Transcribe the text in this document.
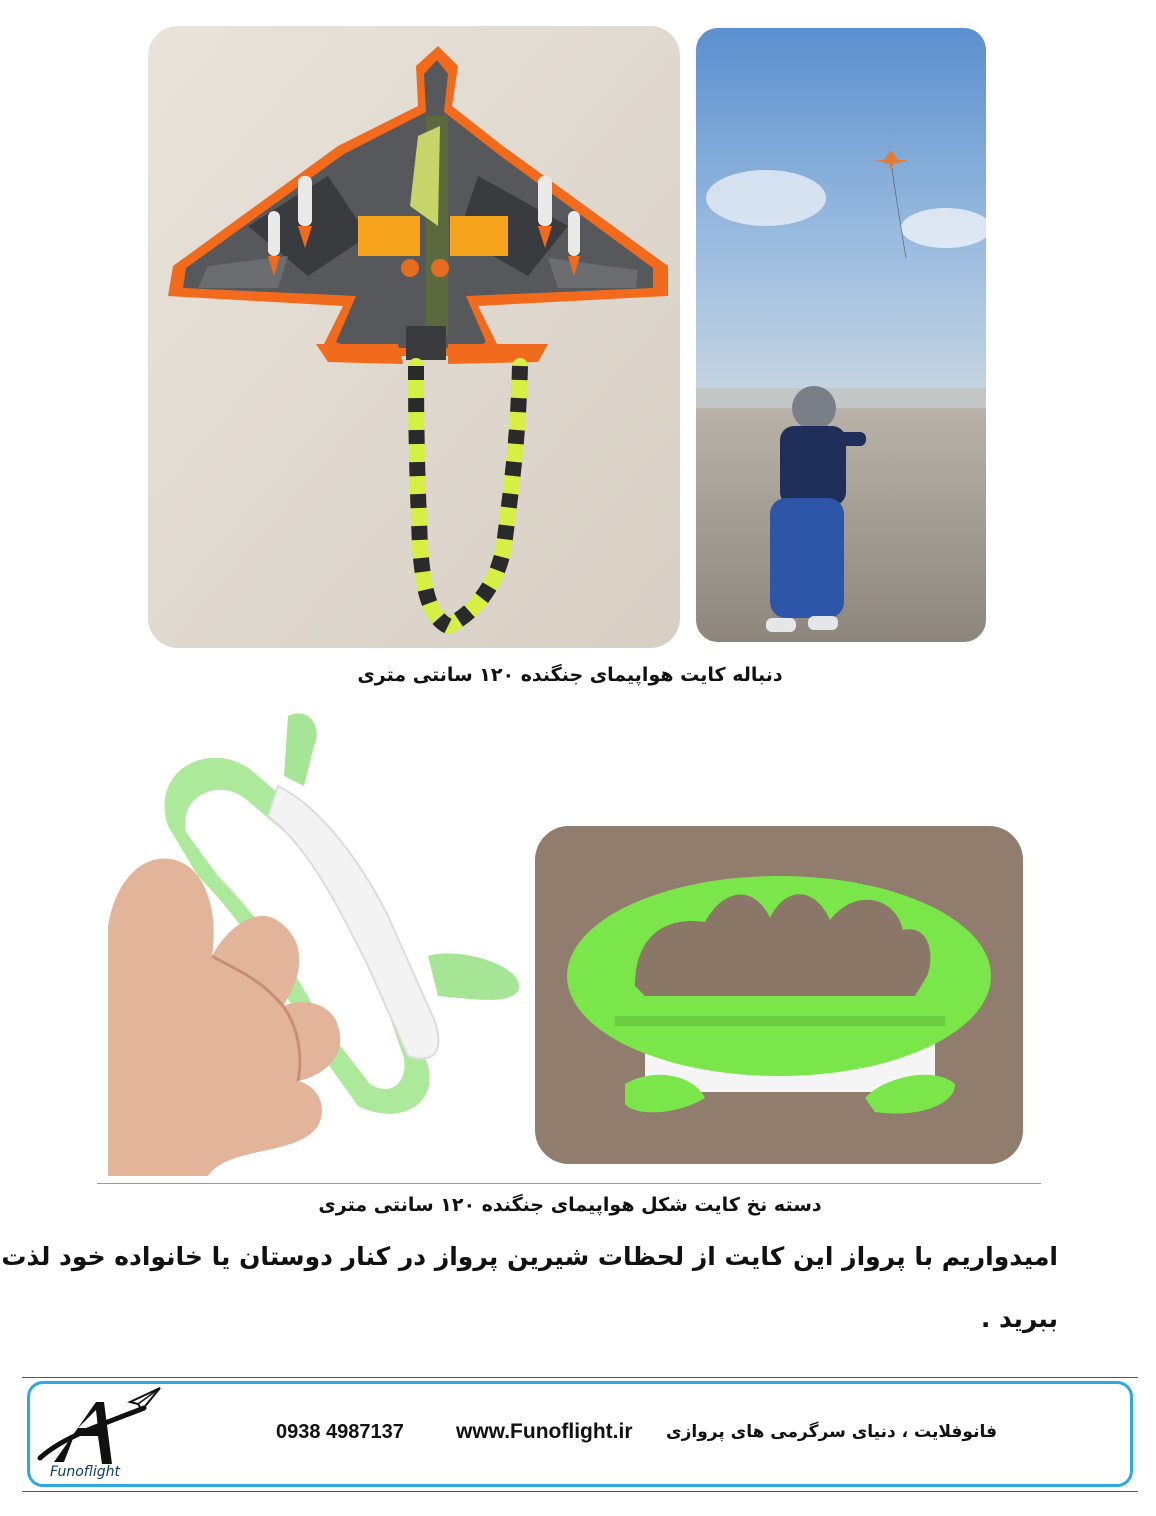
دنباله کایت هواپیمای جنگنده ۱۲۰ سانتی متری
دسته نخ کایت شکل هواپیمای جنگنده ۱۲۰ سانتی متری
امیدواریم با پرواز این کایت از لحظات شیرین پرواز در کنار دوستان یا خانواده خود لذت
ببرید .
Funoflight
0938 4987137 www.Funoflight.ir فانوفلایت ، دنیای سرگرمی های پروازی
